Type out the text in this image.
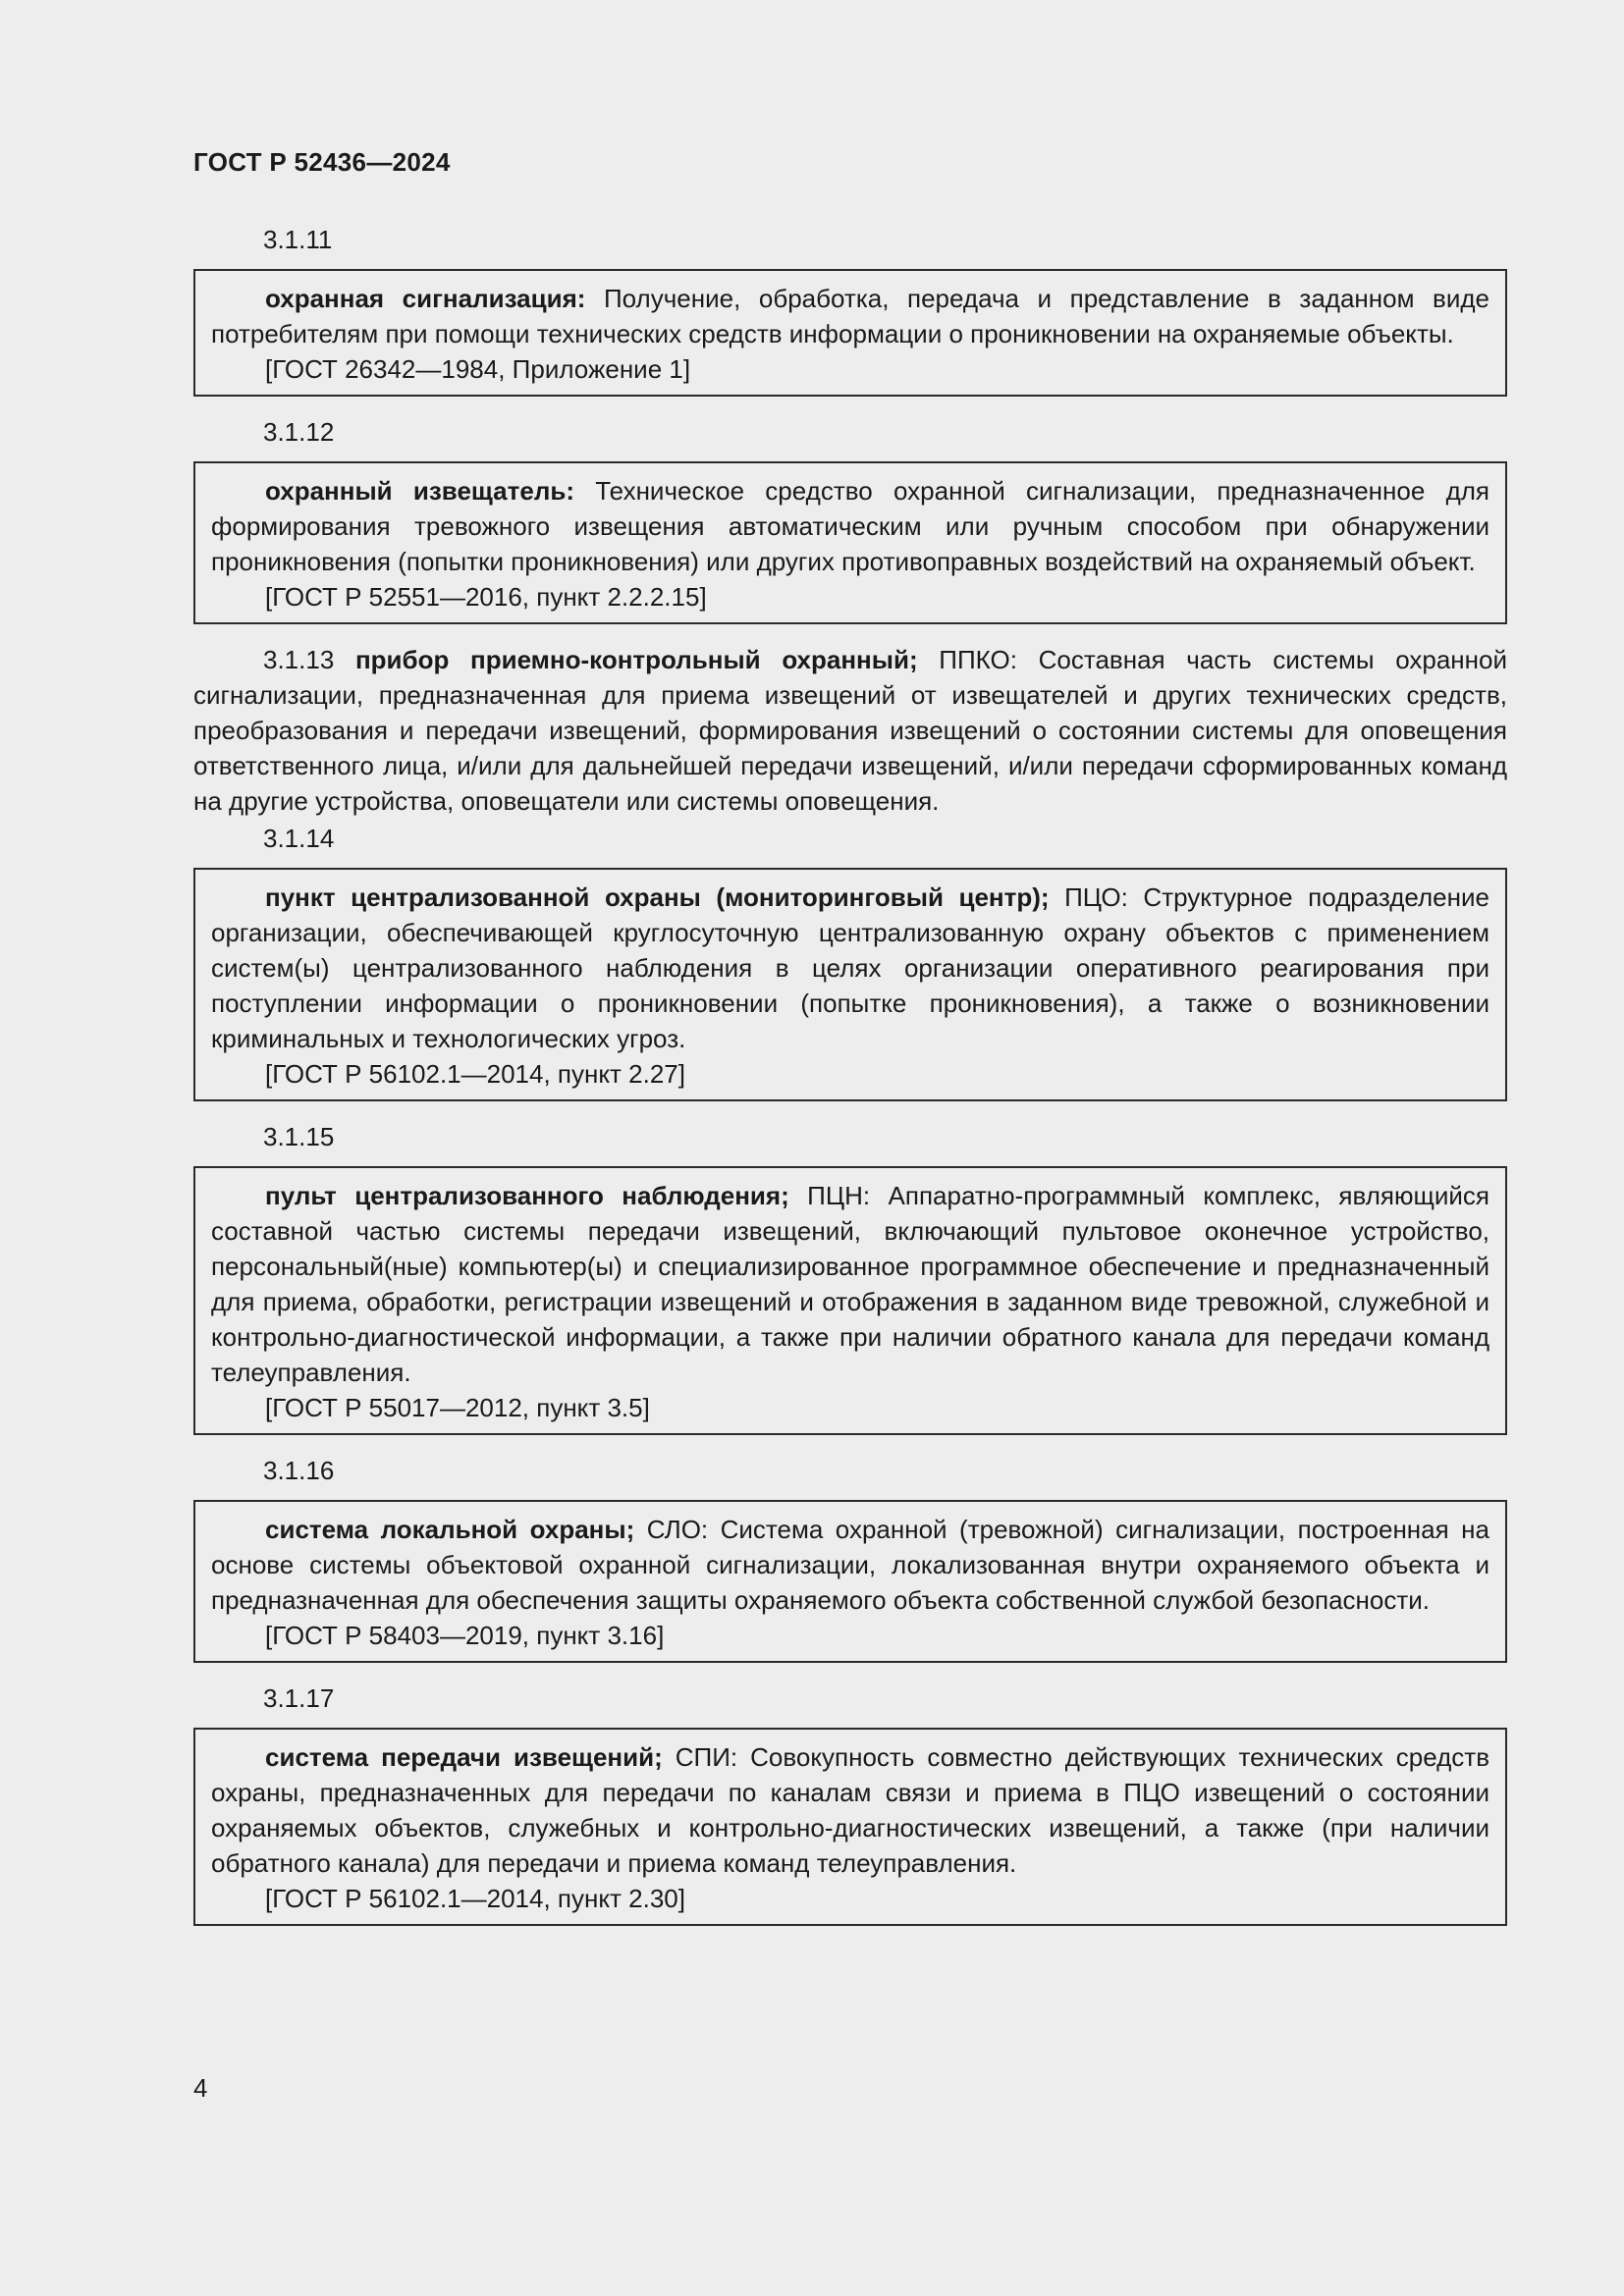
ГОСТ Р 52436—2024
3.1.11

охранная сигнализация: Получение, обработка, передача и представление в заданном виде потребителям при помощи технических средств информации о проникновении на охраняемые объекты.

[ГОСТ 26342—1984, Приложение 1]

3.1.12

охранный извещатель: Техническое средство охранной сигнализации, предназначенное для формирования тревожного извещения автоматическим или ручным способом при обнаружении проникновения (попытки проникновения) или других противоправных воздействий на охраняемый объект.

[ГОСТ Р 52551—2016, пункт 2.2.2.15]

3.1.13 прибор приемно-контрольный охранный; ППКО: Составная часть системы охранной сигнализации, предназначенная для приема извещений от извещателей и других технических средств, преобразования и передачи извещений, формирования извещений о состоянии системы для оповещения ответственного лица, и/или для дальнейшей передачи извещений, и/или передачи сформированных команд на другие устройства, оповещатели или системы оповещения.

3.1.14

пункт централизованной охраны (мониторинговый центр); ПЦО: Структурное подразделение организации, обеспечивающей круглосуточную централизованную охрану объектов с применением систем(ы) централизованного наблюдения в целях организации оперативного реагирования при поступлении информации о проникновении (попытке проникновения), а также о возникновении криминальных и технологических угроз.

[ГОСТ Р 56102.1—2014, пункт 2.27]

3.1.15

пульт централизованного наблюдения; ПЦН: Аппаратно-программный комплекс, являющийся составной частью системы передачи извещений, включающий пультовое оконечное устройство, персональный(ные) компьютер(ы) и специализированное программное обеспечение и предназначенный для приема, обработки, регистрации извещений и отображения в заданном виде тревожной, служебной и контрольно-диагностической информации, а также при наличии обратного канала для передачи команд телеуправления.

[ГОСТ Р 55017—2012, пункт 3.5]

3.1.16

система локальной охраны; СЛО: Система охранной (тревожной) сигнализации, построенная на основе системы объектовой охранной сигнализации, локализованная внутри охраняемого объекта и предназначенная для обеспечения защиты охраняемого объекта собственной службой безопасности.

[ГОСТ Р 58403—2019, пункт 3.16]

3.1.17

система передачи извещений; СПИ: Совокупность совместно действующих технических средств охраны, предназначенных для передачи по каналам связи и приема в ПЦО извещений о состоянии охраняемых объектов, служебных и контрольно-диагностических извещений, а также (при наличии обратного канала) для передачи и приема команд телеуправления.

[ГОСТ Р 56102.1—2014, пункт 2.30]

4
